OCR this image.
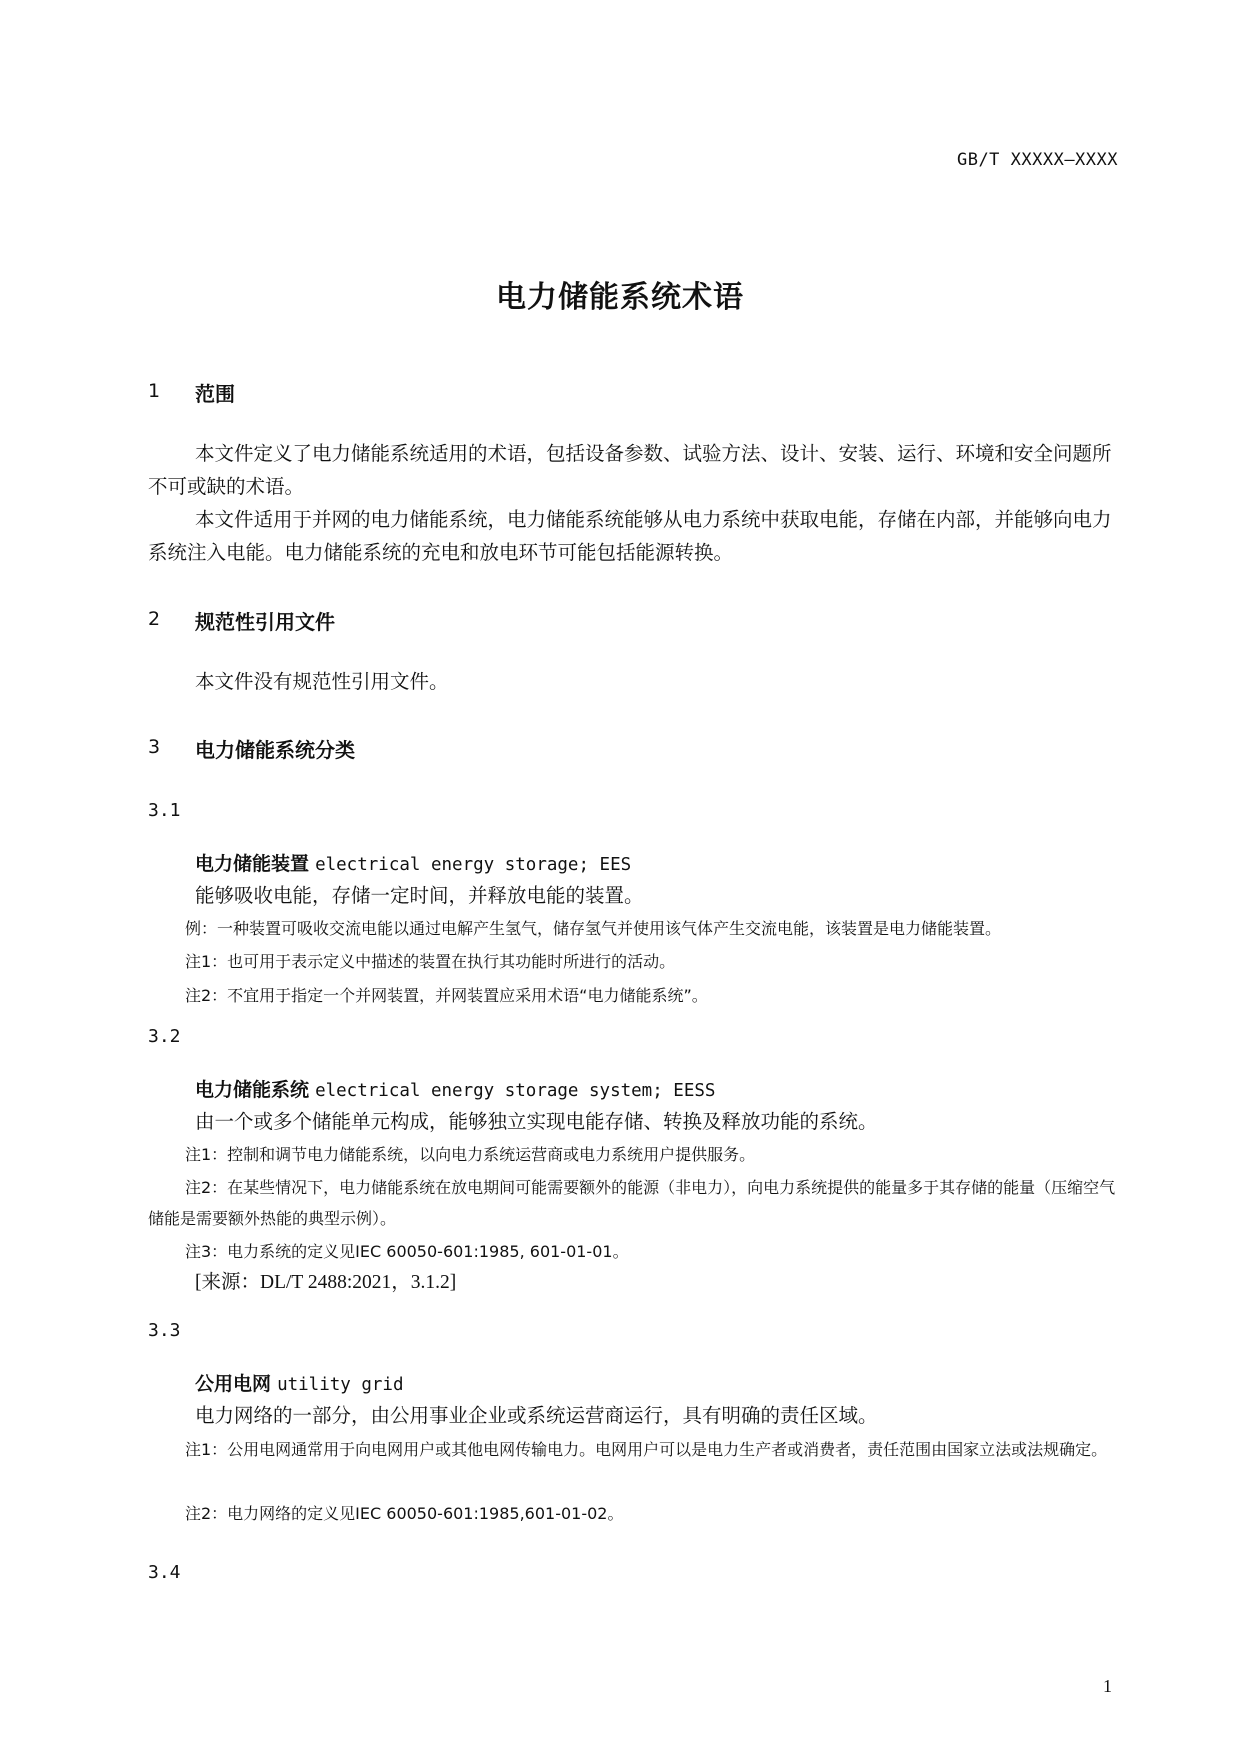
GB/T XXXXX—XXXX
电力储能系统术语
1 范围
本文件定义了电力储能系统适用的术语，包括设备参数、试验方法、设计、安装、运行、环境和安全问题所不可或缺的术语。
本文件适用于并网的电力储能系统，电力储能系统能够从电力系统中获取电能，存储在内部，并能够向电力系统注入电能。电力储能系统的充电和放电环节可能包括能源转换。
2 规范性引用文件
本文件没有规范性引用文件。
3 电力储能系统分类
3.1
电力储能装置 electrical energy storage; EES
能够吸收电能，存储一定时间，并释放电能的装置。
例：一种装置可吸收交流电能以通过电解产生氢气，储存氢气并使用该气体产生交流电能，该装置是电力储能装置。
注1：也可用于表示定义中描述的装置在执行其功能时所进行的活动。
注2：不宜用于指定一个并网装置，并网装置应采用术语“电力储能系统”。
3.2
电力储能系统 electrical energy storage system; EESS
由一个或多个储能单元构成，能够独立实现电能存储、转换及释放功能的系统。
注1：控制和调节电力储能系统，以向电力系统运营商或电力系统用户提供服务。
注2：在某些情况下，电力储能系统在放电期间可能需要额外的能源（非电力），向电力系统提供的能量多于其存储的能量（压缩空气储能是需要额外热能的典型示例）。
注3：电力系统的定义见IEC 60050-601:1985, 601-01-01。
[来源：DL/T 2488:2021，3.1.2]
3.3
公用电网 utility grid
电力网络的一部分，由公用事业企业或系统运营商运行，具有明确的责任区域。
注1：公用电网通常用于向电网用户或其他电网传输电力。电网用户可以是电力生产者或消费者，责任范围由国家立法或法规确定。
注2：电力网络的定义见IEC 60050-601:1985,601-01-02。
3.4
1
